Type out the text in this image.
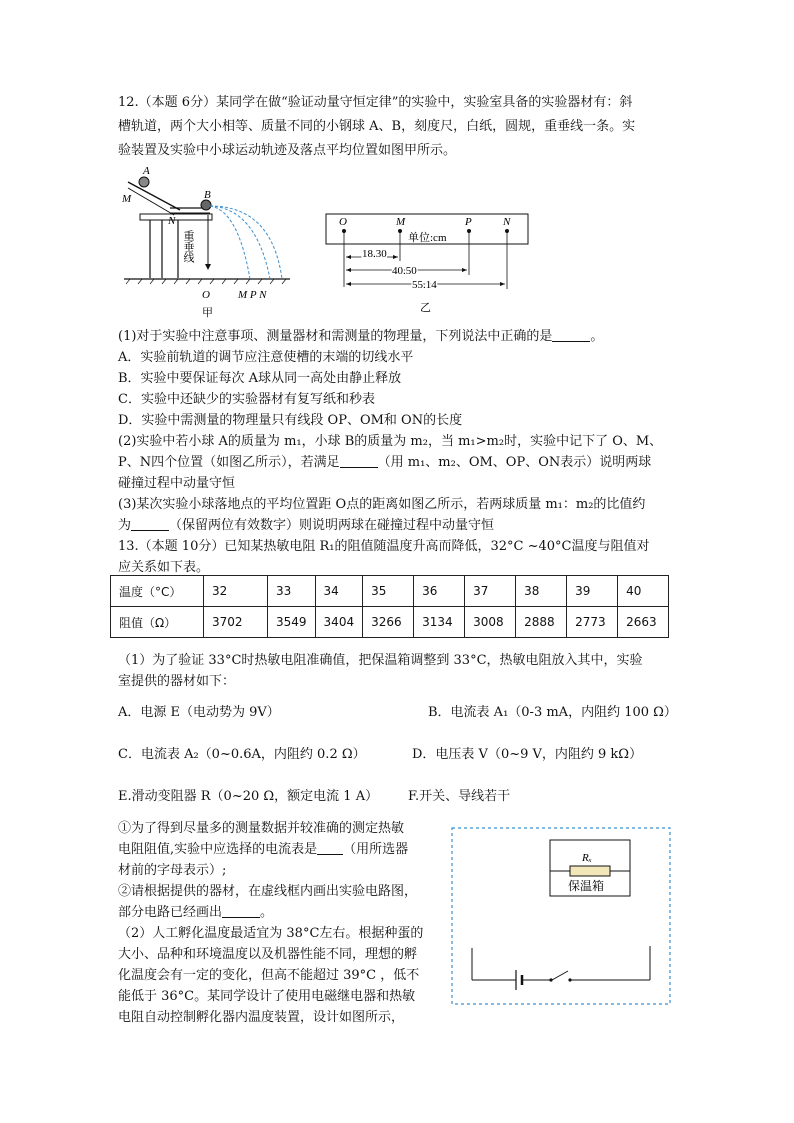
12.（本题 6分）某同学在做“验证动量守恒定律”的实验中，实验室具备的实验器材有：斜
槽轨道，两个大小相等、质量不同的小钢球 A、B，刻度尺，白纸，圆规，重垂线一条。实
验装置及实验中小球运动轨迹及落点平均位置如图甲所示。
A
M
N
B
重垂线
O	M P N
甲
O	M	P	N
单位:cm
18.30
40.50
55.14
乙
(1)对于实验中注意事项、测量器材和需测量的物理量，下列说法中正确的是	。
A．实验前轨道的调节应注意使槽的末端的切线水平
B．实验中要保证每次 A球从同一高处由静止释放
C．实验中还缺少的实验器材有复写纸和秒表
D．实验中需测量的物理量只有线段 OP、OM和 ON的长度
(2)实验中若小球 A的质量为 m₁，小球 B的质量为 m₂，当 m₁>m₂时，实验中记下了 O、M、
P、N四个位置（如图乙所示），若满足	（用 m₁、m₂、OM、OP、ON表示）说明两球
碰撞过程中动量守恒
(3)某次实验小球落地点的平均位置距 O点的距离如图乙所示，若两球质量 m₁：m₂的比值约
为	（保留两位有效数字）则说明两球在碰撞过程中动量守恒
13.（本题 10分）已知某热敏电阻 R₁的阻值随温度升高而降低，32°C ~40°C温度与阻值对
应关系如下表。
温度（°C）	32	33	34	35	36	37	38	39	40
阻值（Ω）	3702	3549	3404	3266	3134	3008	2888	2773	2663
（1）为了验证 33°C时热敏电阻准确值，把保温箱调整到 33°C，热敏电阻放入其中，实验
室提供的器材如下：
A．电源 E（电动势为 9V）	B．电流表 A₁（0-3 mA，内阻约 100 Ω）
C．电流表 A₂（0~0.6A，内阻约 0.2 Ω）	D．电压表 V（0~9 V，内阻约 9 kΩ）
E.滑动变阻器 R（0~20 Ω，额定电流 1 A）	F.开关、导线若干
①为了得到尽量多的测量数据并较准确的测定热敏
电阻阻值,实验中应选择的电流表是 （用所选器
材前的字母表示）;
②请根据提供的器材，在虚线框内画出实验电路图，
部分电路已经画出	。
（2）人工孵化温度最适宜为 38°C左右。根据种蛋的
大小、品种和环境温度以及机器性能不同，理想的孵
化温度会有一定的变化，但高不能超过 39°C ，低不
能低于 36°C。某同学设计了使用电磁继电器和热敏
电阻自动控制孵化器内温度装置，设计如图所示，
Rₓ
保温箱
